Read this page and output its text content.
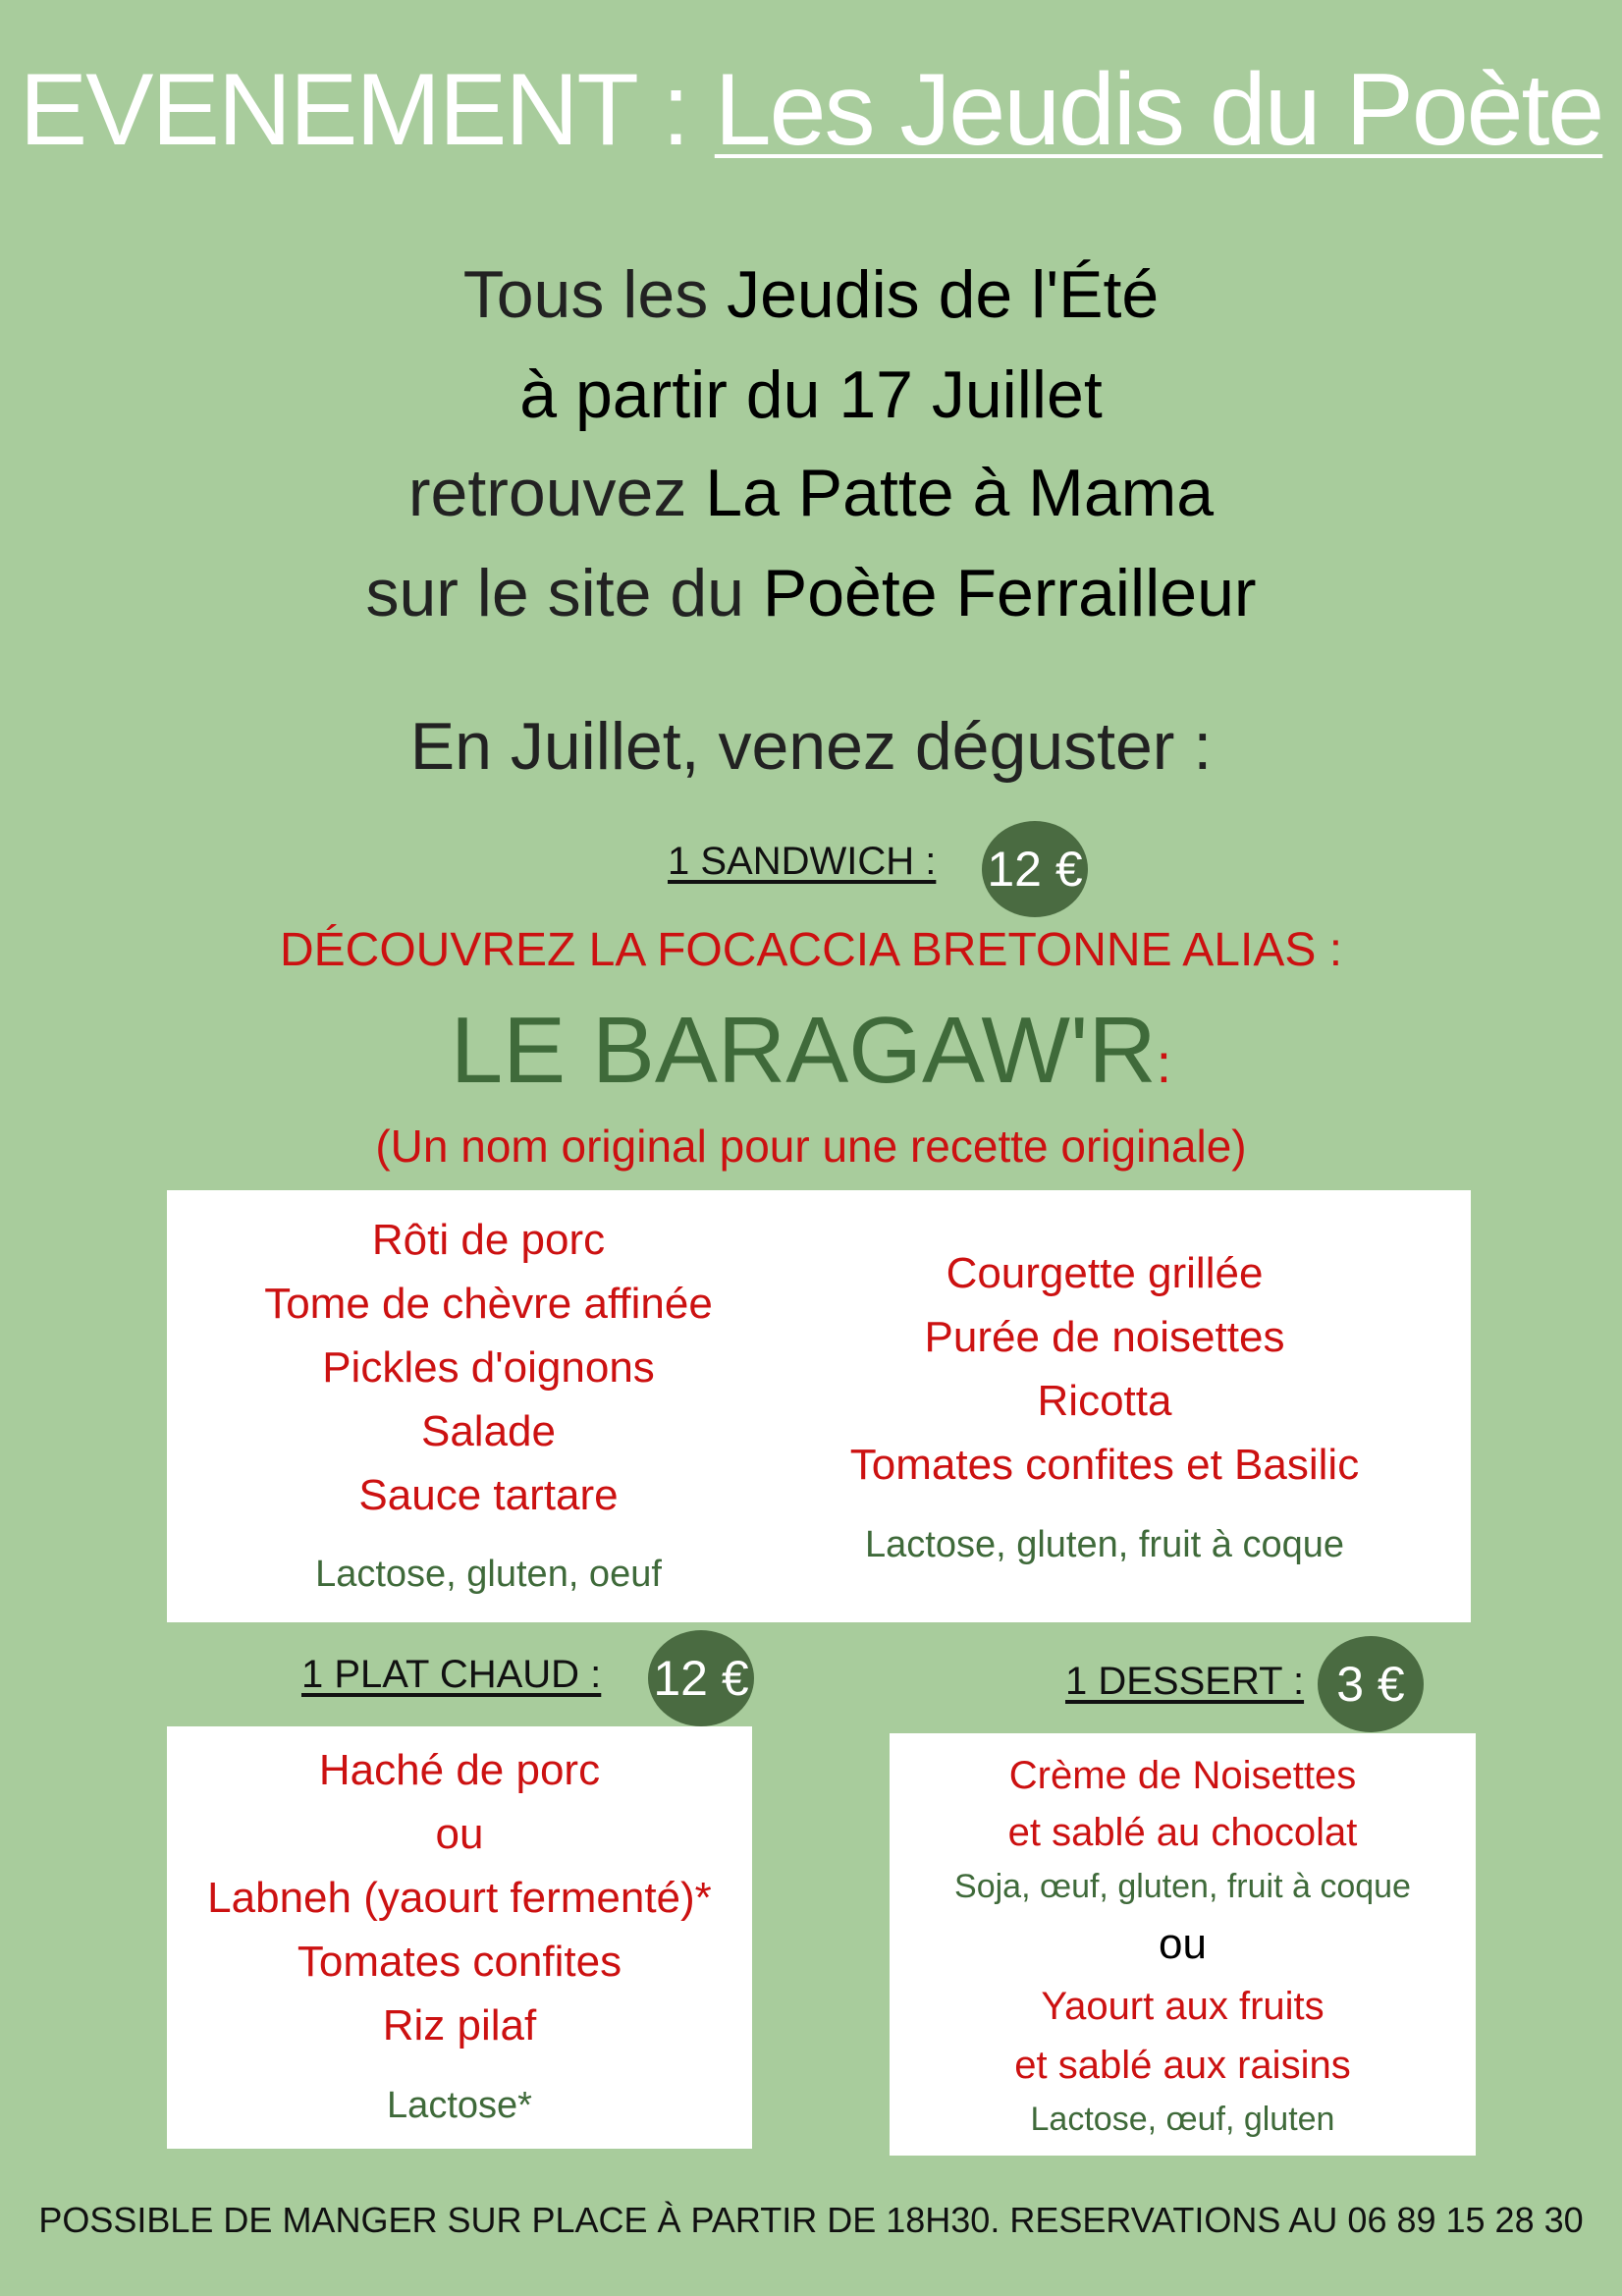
EVENEMENT : Les Jeudis du Poète
Tous les Jeudis de l'Été
à partir du 17 Juillet
retrouvez La Patte à Mama
sur le site du Poète Ferrailleur
En Juillet, venez déguster :
1 SANDWICH : 12 €
DÉCOUVREZ LA FOCACCIA BRETONNE ALIAS :
LE BARAGAW'R:
(Un nom original pour une recette originale)
Rôti de porc
Tome de chèvre affinée
Pickles d'oignons
Salade
Sauce tartare
Lactose, gluten, oeuf
Courgette grillée
Purée de noisettes
Ricotta
Tomates confites et Basilic
Lactose, gluten, fruit à coque
1 PLAT CHAUD : 12 €
Haché de porc
ou
Labneh (yaourt fermenté)*
Tomates confites
Riz pilaf
Lactose*
1 DESSERT : 3 €
Crème de Noisettes
et sablé au chocolat
Soja, œuf, gluten, fruit à coque
ou
Yaourt aux fruits
et sablé aux raisins
Lactose, œuf, gluten
POSSIBLE DE MANGER SUR PLACE À PARTIR DE 18H30. RESERVATIONS AU 06 89 15 28 30
